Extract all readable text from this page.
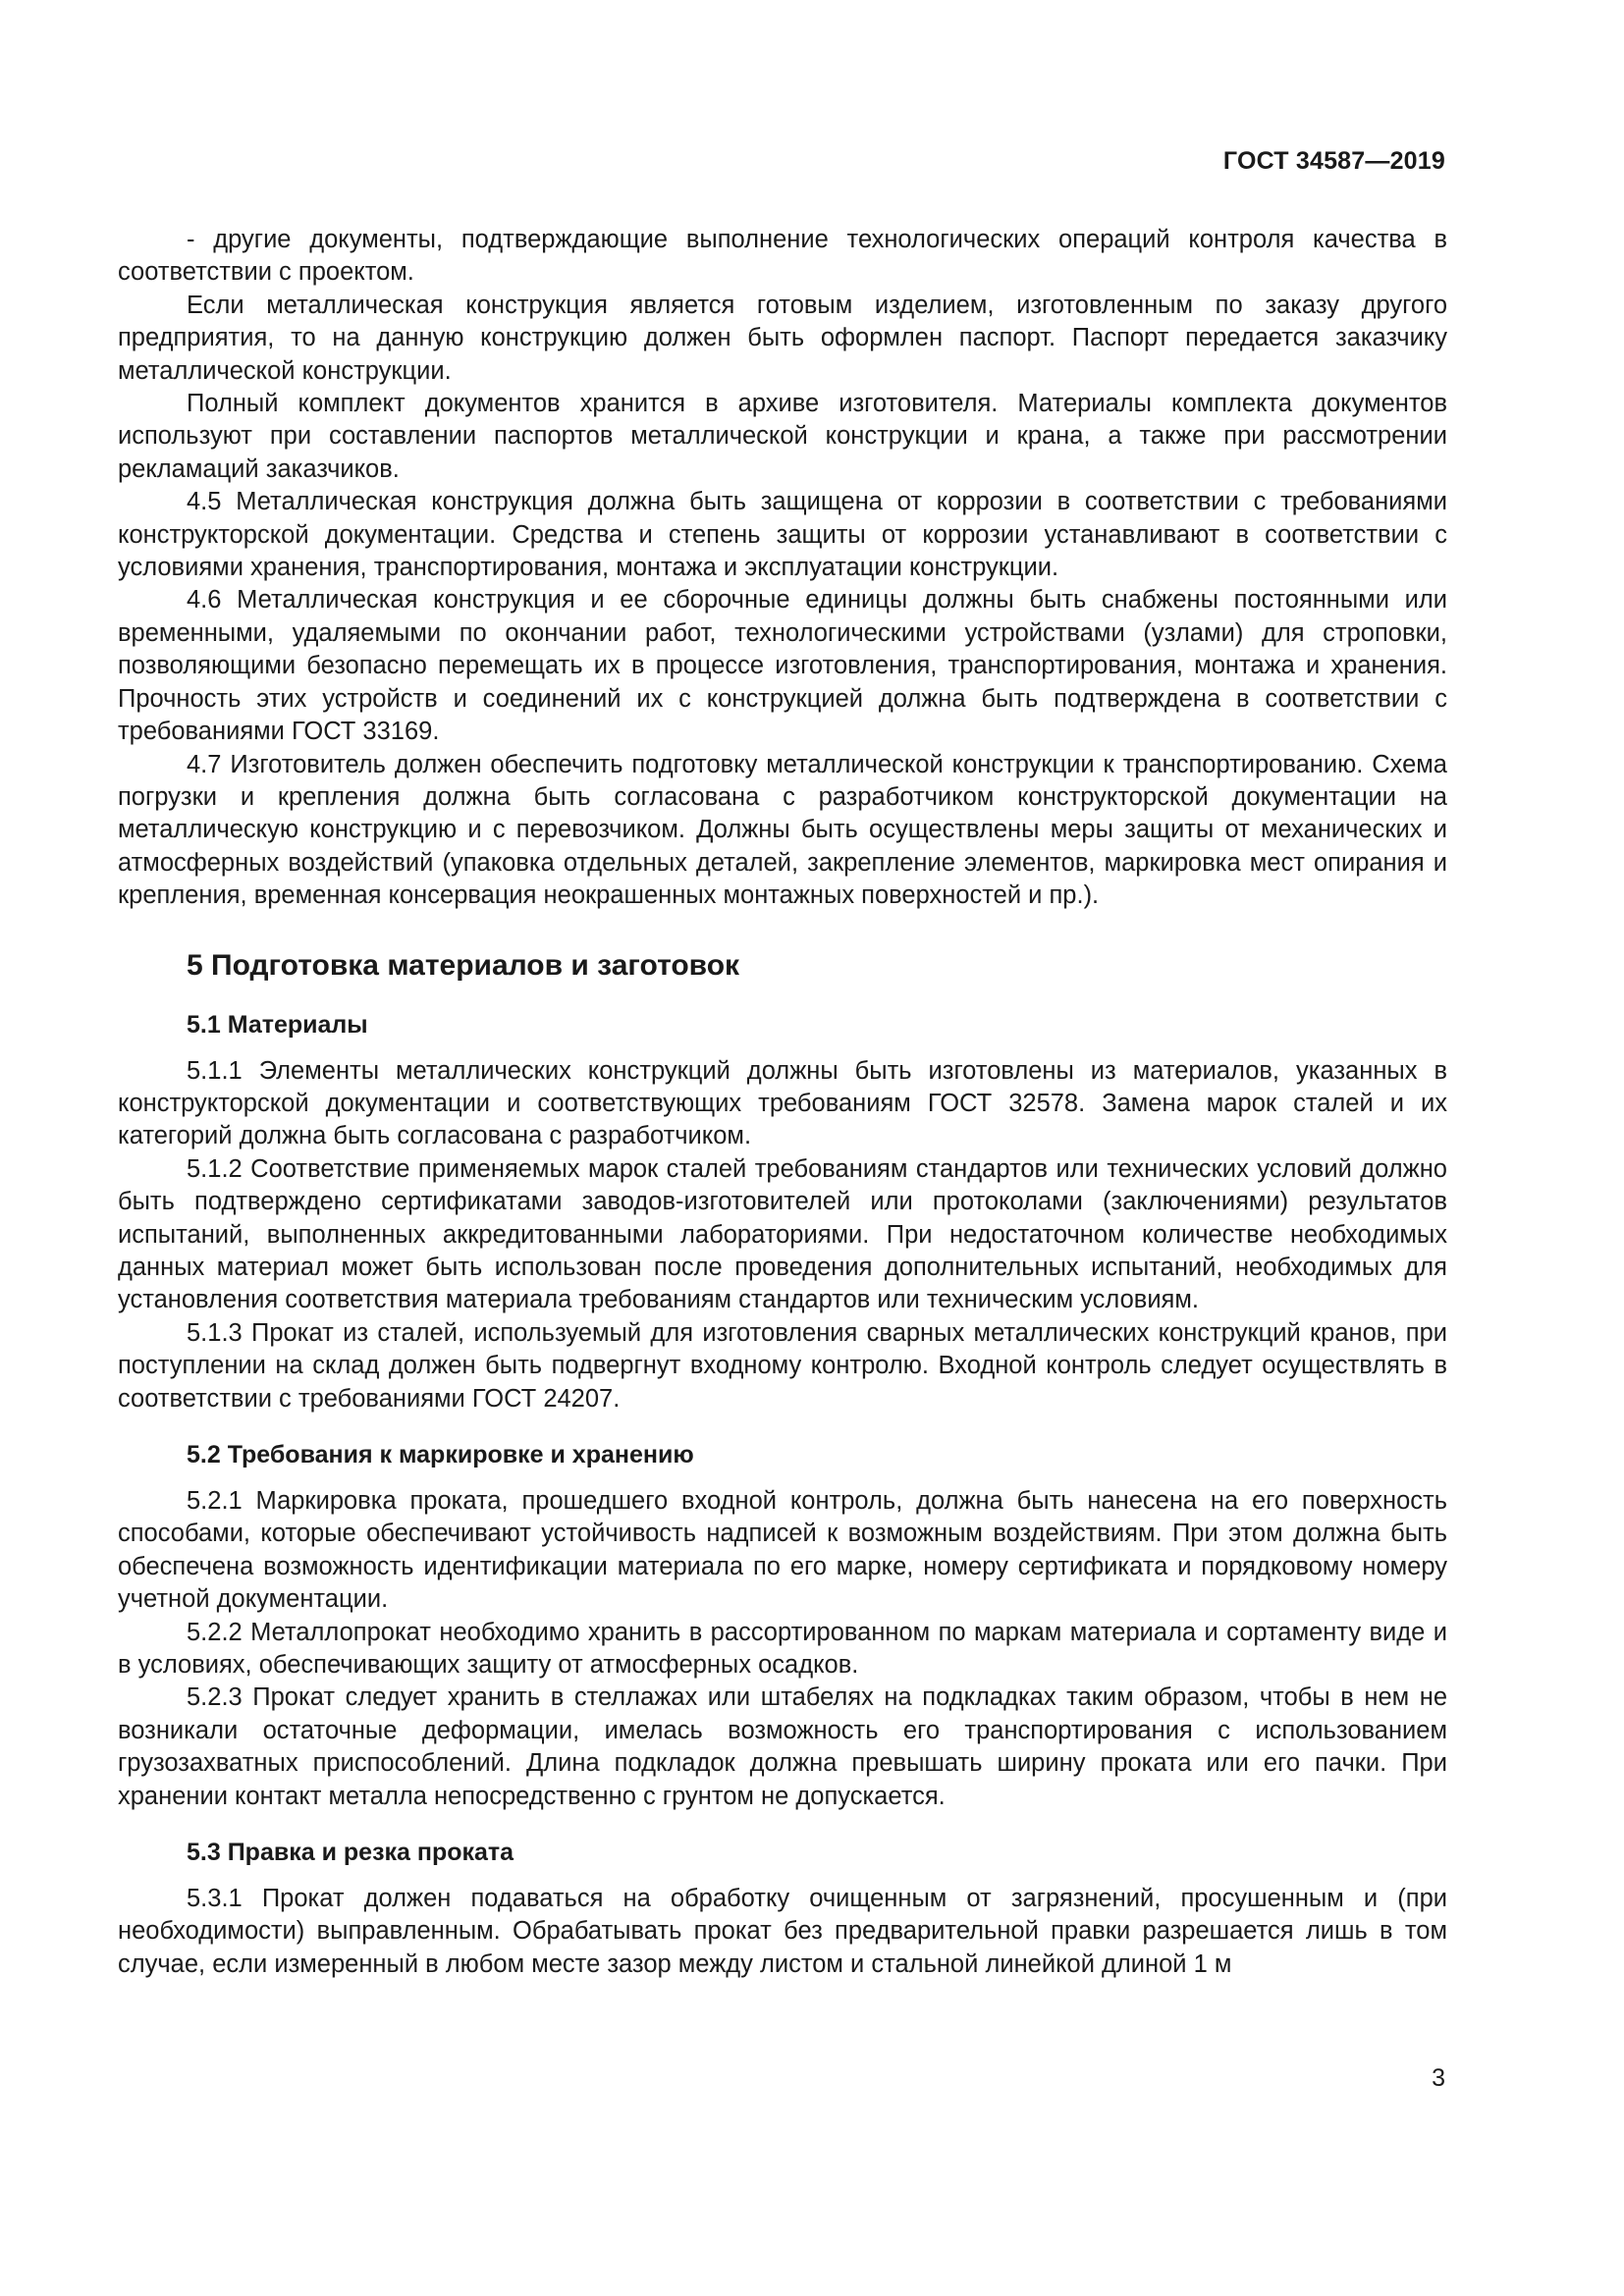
ГОСТ 34587—2019

- другие документы, подтверждающие выполнение технологических операций контроля качества в соответствии с проектом.

Если металлическая конструкция является готовым изделием, изготовленным по заказу другого предприятия, то на данную конструкцию должен быть оформлен паспорт. Паспорт передается заказчику металлической конструкции.

Полный комплект документов хранится в архиве изготовителя. Материалы комплекта документов используют при составлении паспортов металлической конструкции и крана, а также при рассмотрении рекламаций заказчиков.

4.5 Металлическая конструкция должна быть защищена от коррозии в соответствии с требованиями конструкторской документации. Средства и степень защиты от коррозии устанавливают в соответствии с условиями хранения, транспортирования, монтажа и эксплуатации конструкции.

4.6 Металлическая конструкция и ее сборочные единицы должны быть снабжены постоянными или временными, удаляемыми по окончании работ, технологическими устройствами (узлами) для строповки, позволяющими безопасно перемещать их в процессе изготовления, транспортирования, монтажа и хранения. Прочность этих устройств и соединений их с конструкцией должна быть подтверждена в соответствии с требованиями ГОСТ 33169.

4.7 Изготовитель должен обеспечить подготовку металлической конструкции к транспортированию. Схема погрузки и крепления должна быть согласована с разработчиком конструкторской документации на металлическую конструкцию и с перевозчиком. Должны быть осуществлены меры защиты от механических и атмосферных воздействий (упаковка отдельных деталей, закрепление элементов, маркировка мест опирания и крепления, временная консервация неокрашенных монтажных поверхностей и пр.).

5 Подготовка материалов и заготовок
5.1 Материалы

5.1.1 Элементы металлических конструкций должны быть изготовлены из материалов, указанных в конструкторской документации и соответствующих требованиям ГОСТ 32578. Замена марок сталей и их категорий должна быть согласована с разработчиком.

5.1.2 Соответствие применяемых марок сталей требованиям стандартов или технических условий должно быть подтверждено сертификатами заводов-изготовителей или протоколами (заключениями) результатов испытаний, выполненных аккредитованными лабораториями. При недостаточном количестве необходимых данных материал может быть использован после проведения дополнительных испытаний, необходимых для установления соответствия материала требованиям стандартов или техническим условиям.

5.1.3 Прокат из сталей, используемый для изготовления сварных металлических конструкций кранов, при поступлении на склад должен быть подвергнут входному контролю. Входной контроль следует осуществлять в соответствии с требованиями ГОСТ 24207.

5.2 Требования к маркировке и хранению

5.2.1 Маркировка проката, прошедшего входной контроль, должна быть нанесена на его поверхность способами, которые обеспечивают устойчивость надписей к возможным воздействиям. При этом должна быть обеспечена возможность идентификации материала по его марке, номеру сертификата и порядковому номеру учетной документации.

5.2.2 Металлопрокат необходимо хранить в рассортированном по маркам материала и сортаменту виде и в условиях, обеспечивающих защиту от атмосферных осадков.

5.2.3 Прокат следует хранить в стеллажах или штабелях на подкладках таким образом, чтобы в нем не возникали остаточные деформации, имелась возможность его транспортирования с использованием грузозахватных приспособлений. Длина подкладок должна превышать ширину проката или его пачки. При хранении контакт металла непосредственно с грунтом не допускается.

5.3 Правка и резка проката

5.3.1 Прокат должен подаваться на обработку очищенным от загрязнений, просушенным и (при необходимости) выправленным. Обрабатывать прокат без предварительной правки разрешается лишь в том случае, если измеренный в любом месте зазор между листом и стальной линейкой длиной 1 м

3
